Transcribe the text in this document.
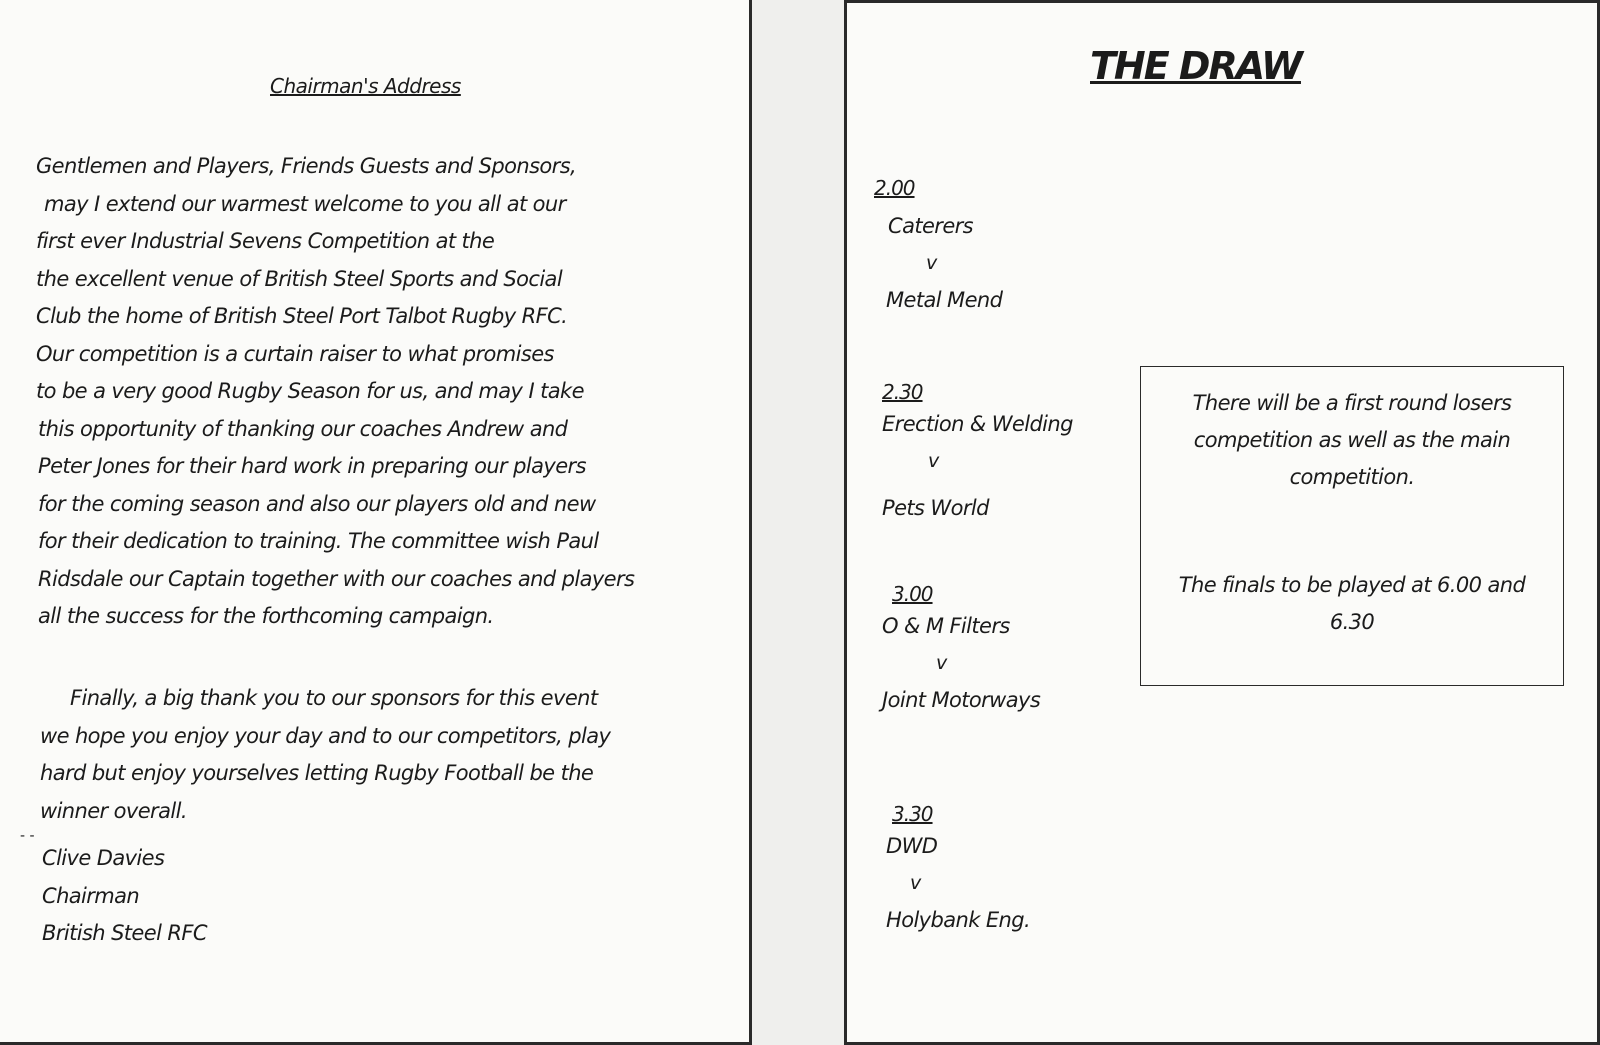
Chairman's Address
Gentlemen and Players, Friends Guests and Sponsors,
may I extend our warmest welcome to you all at our
first ever Industrial Sevens Competition at the
the excellent venue of British Steel Sports and Social
Club the home of British Steel Port Talbot Rugby RFC.
Our competition is a curtain raiser to what promises
to be a very good Rugby Season for us, and may I take
this opportunity of thanking our coaches Andrew and
Peter Jones for their hard work in preparing our players
for the coming season and also our players old and new
for their dedication to training. The committee wish Paul
Ridsdale our Captain together with our coaches and players
all the success for the forthcoming campaign.
Finally, a big thank you to our sponsors for this event
we hope you enjoy your day and to our competitors, play
hard but enjoy yourselves letting Rugby Football be the
winner overall.
- -
Clive Davies
Chairman
British Steel RFC
THE DRAW
2.00
Caterers
v
Metal Mend
2.30
Erection & Welding
v
Pets World
3.00
O & M Filters
v
Joint Motorways
3.30
DWD
v
Holybank Eng.

There will be a first round losers competition as well as the main competition.

The finals to be played at 6.00 and 6.30
